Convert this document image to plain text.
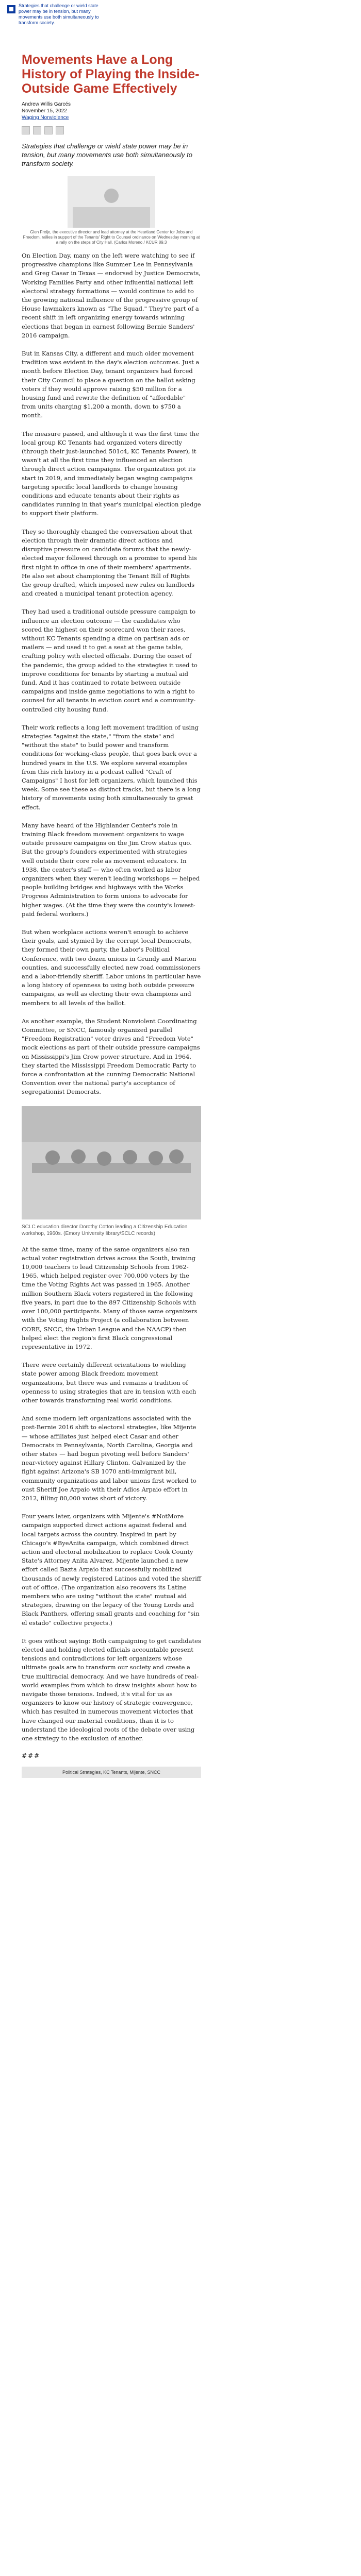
Strategies that challenge or wield state power may be in tension, but many movements use both simultaneously to transform society.
Movements Have a Long History of Playing the Inside-Outside Game Effectively
Andrew Willis Garcés
November 15, 2022
Waging Nonviolence

Strategies that challenge or wield state power may be in tension, but many movements use both simultaneously to transform society.

Glen Freije, the executive director and lead attorney at the Heartland Center for Jobs and Freedom, rallies in support of the Tenants' Right to Counsel ordinance on Wednesday morning at a rally on the steps of City Hall. (Carlos Moreno / KCUR 89.3

On Election Day, many on the left were watching to see if progressive champions like Summer Lee in Pennsylvania and Greg Casar in Texas — endorsed by Justice Democrats, Working Families Party and other influential national left electoral strategy formations — would continue to add to the growing national influence of the progressive group of House lawmakers known as "The Squad." They're part of a recent shift in left organizing energy towards winning elections that began in earnest following Bernie Sanders' 2016 campaign.

But in Kansas City, a different and much older movement tradition was evident in the day's election outcomes. Just a month before Election Day, tenant organizers had forced their City Council to place a question on the ballot asking voters if they would approve raising $50 million for a housing fund and rewrite the definition of "affordable" from units charging $1,200 a month, down to $750 a month.

The measure passed, and although it was the first time the local group KC Tenants had organized voters directly (through their just-launched 501c4, KC Tenants Power), it wasn't at all the first time they influenced an election through direct action campaigns. The organization got its start in 2019, and immediately began waging campaigns targeting specific local landlords to change housing conditions and educate tenants about their rights as candidates running in that year's municipal election pledge to support their platform.

They so thoroughly changed the conversation about that election through their dramatic direct actions and disruptive pressure on candidate forums that the newly-elected mayor followed through on a promise to spend his first night in office in one of their members' apartments. He also set about championing the Tenant Bill of Rights the group drafted, which imposed new rules on landlords and created a municipal tenant protection agency.

They had used a traditional outside pressure campaign to influence an election outcome — the candidates who scored the highest on their scorecard won their races, without KC Tenants spending a dime on partisan ads or mailers — and used it to get a seat at the game table, crafting policy with elected officials. During the onset of the pandemic, the group added to the strategies it used to improve conditions for tenants by starting a mutual aid fund. And it has continued to rotate between outside campaigns and inside game negotiations to win a right to counsel for all tenants in eviction court and a community-controlled city housing fund.

Their work reflects a long left movement tradition of using strategies "against the state," "from the state" and "without the state" to build power and transform conditions for working-class people, that goes back over a hundred years in the U.S. We explore several examples from this rich history in a podcast called "Craft of Campaigns" I host for left organizers, which launched this week. Some see these as distinct tracks, but there is a long history of movements using both simultaneously to great effect.

Many have heard of the Highlander Center's role in training Black freedom movement organizers to wage outside pressure campaigns on the Jim Crow status quo. But the group's founders experimented with strategies well outside their core role as movement educators. In 1938, the center's staff — who often worked as labor organizers when they weren't leading workshops — helped people building bridges and highways with the Works Progress Administration to form unions to advocate for higher wages. (At the time they were the county's lowest-paid federal workers.)

But when workplace actions weren't enough to achieve their goals, and stymied by the corrupt local Democrats, they formed their own party, the Labor's Political Conference, with two dozen unions in Grundy and Marion counties, and successfully elected new road commissioners and a labor-friendly sheriff. Labor unions in particular have a long history of openness to using both outside pressure campaigns, as well as electing their own champions and members to all levels of the ballot.

As another example, the Student Nonviolent Coordinating Committee, or SNCC, famously organized parallel "Freedom Registration" voter drives and "Freedom Vote" mock elections as part of their outside pressure campaigns on Mississippi's Jim Crow power structure. And in 1964, they started the Mississippi Freedom Democratic Party to force a confrontation at the cunning Democratic National Convention over the national party's acceptance of segregationist Democrats.

SCLC education director Dorothy Cotton leading a Citizenship Education workshop, 1960s. (Emory University library/SCLC records)

At the same time, many of the same organizers also ran actual voter registration drives across the South, training 10,000 teachers to lead Citizenship Schools from 1962-1965, which helped register over 700,000 voters by the time the Voting Rights Act was passed in 1965. Another million Southern Black voters registered in the following five years, in part due to the 897 Citizenship Schools with over 100,000 participants. Many of those same organizers with the Voting Rights Project (a collaboration between CORE, SNCC, the Urban League and the NAACP) then helped elect the region's first Black congressional representative in 1972.

There were certainly different orientations to wielding state power among Black freedom movement organizations, but there was and remains a tradition of openness to using strategies that are in tension with each other towards transforming real world conditions.

And some modern left organizations associated with the post-Bernie 2016 shift to electoral strategies, like Mijente — whose affiliates just helped elect Casar and other Democrats in Pennsylvania, North Carolina, Georgia and other states — had begun pivoting well before Sanders' near-victory against Hillary Clinton. Galvanized by the fight against Arizona's SB 1070 anti-immigrant bill, community organizations and labor unions first worked to oust Sheriff Joe Arpaio with their Adios Arpaio effort in 2012, filling 80,000 votes short of victory.

Four years later, organizers with Mijente's #NotMore campaign supported direct actions against federal and local targets across the country. Inspired in part by Chicago's #ByeAnita campaign, which combined direct action and electoral mobilization to replace Cook County State's Attorney Anita Alvarez, Mijente launched a new effort called Bazta Arpaio that successfully mobilized thousands of newly registered Latinos and voted the sheriff out of office. (The organization also recovers its Latine members who are using "without the state" mutual aid strategies, drawing on the legacy of the Young Lords and Black Panthers, offering small grants and coaching for "sin el estado" collective projects.)

It goes without saying: Both campaigning to get candidates elected and holding elected officials accountable present tensions and contradictions for left organizers whose ultimate goals are to transform our society and create a true multiracial democracy. And we have hundreds of real-world examples from which to draw insights about how to navigate those tensions. Indeed, it's vital for us as organizers to know our history of strategic convergence, which has resulted in numerous movement victories that have changed our material conditions, than it is to understand the ideological roots of the debate over using one strategy to the exclusion of another.

###
Political Strategies, KC Tenants, Mijente, SNCC
